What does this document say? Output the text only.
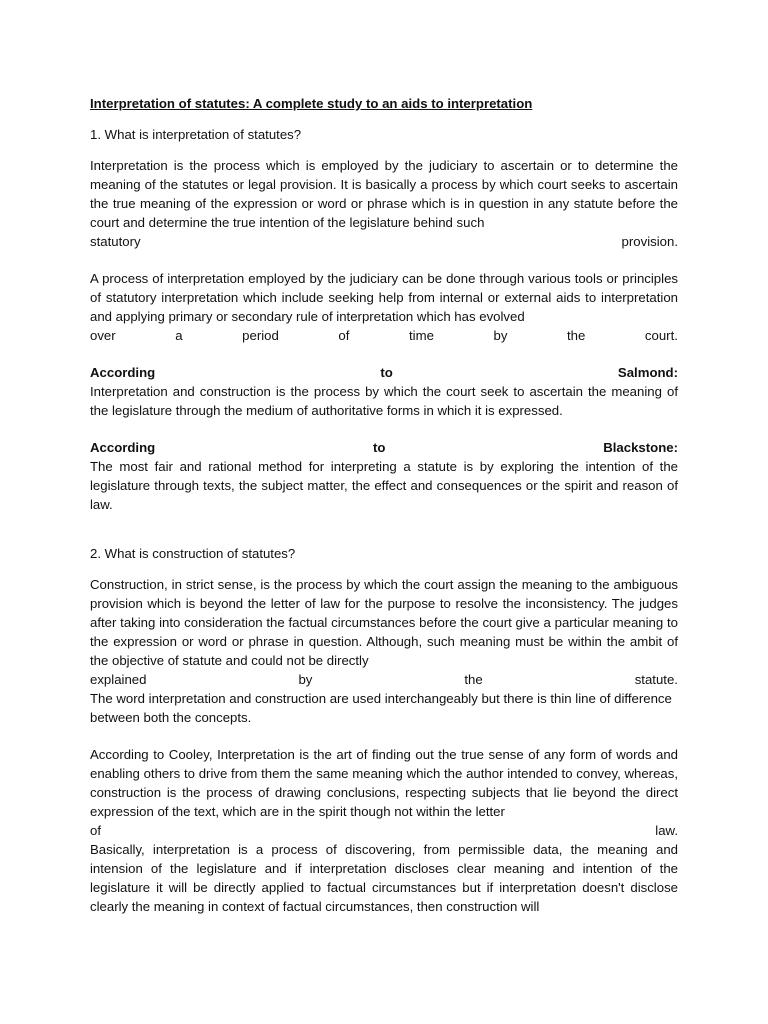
Interpretation of statutes: A complete study to an aids to interpretation
1. What is interpretation of statutes?
Interpretation is the process which is employed by the judiciary to ascertain or to determine the meaning of the statutes or legal provision. It is basically a process by which court seeks to ascertain the true meaning of the expression or word or phrase which is in question in any statute before the court and determine the true intention of the legislature behind such
statutory	provision.
A process of interpretation employed by the judiciary can be done through various tools or principles of statutory interpretation which include seeking help from internal or external aids to interpretation and applying primary or secondary rule of interpretation which has evolved
over	a	period	of	time	by	the	court.
According	to	Salmond:
Interpretation and construction is the process by which the court seek to ascertain the meaning of the legislature through the medium of authoritative forms in which it is expressed.
According	to	Blackstone:
The most fair and rational method for interpreting a statute is by exploring the intention of the legislature through texts, the subject matter, the effect and consequences or the spirit and reason of law.
2. What is construction of statutes?
Construction, in strict sense, is the process by which the court assign the meaning to the ambiguous provision which is beyond the letter of law for the purpose to resolve the inconsistency. The judges after taking into consideration the factual circumstances before the court give a particular meaning to the expression or word or phrase in question. Although, such meaning must be within the ambit of the objective of statute and could not be directly
explained	by	the	statute.
The word interpretation and construction are used interchangeably but there is thin line of difference between both the concepts.
According to Cooley, Interpretation is the art of finding out the true sense of any form of words and enabling others to drive from them the same meaning which the author intended to convey, whereas, construction is the process of drawing conclusions, respecting subjects that lie beyond the direct expression of the text, which are in the spirit though not within the letter
of	law.
Basically, interpretation is a process of discovering, from permissible data, the meaning and intension of the legislature and if interpretation discloses clear meaning and intention of the legislature it will be directly applied to factual circumstances but if interpretation doesn't disclose clearly the meaning in context of factual circumstances, then construction will
